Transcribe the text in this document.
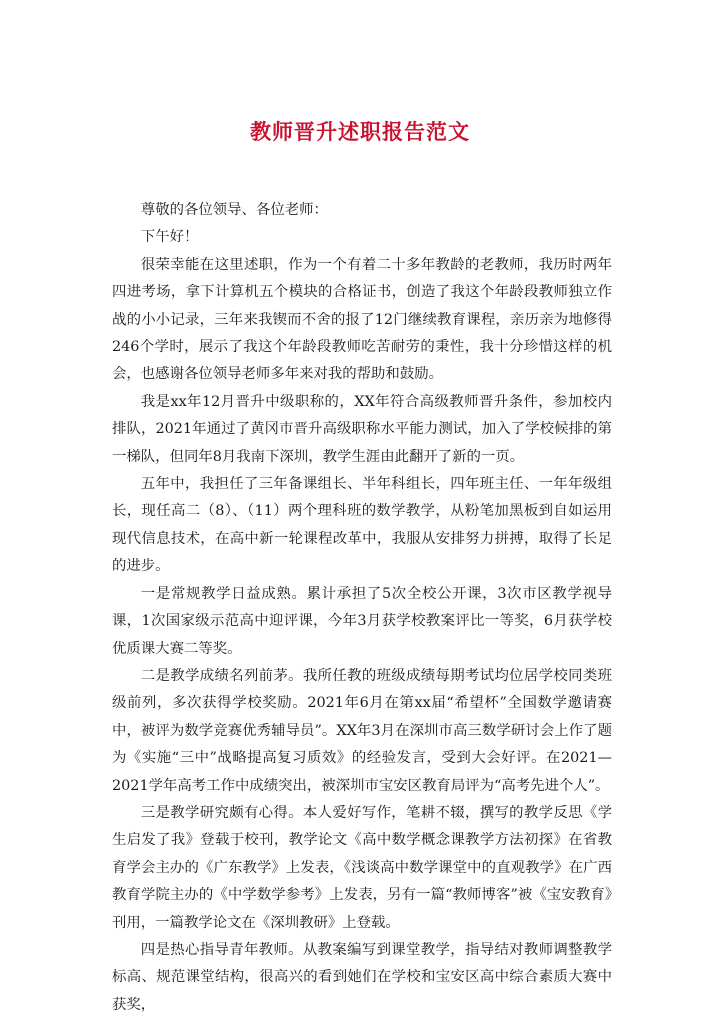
教师晋升述职报告范文

尊敬的各位领导、各位老师：

下午好！

很荣幸能在这里述职，作为一个有着二十多年教龄的老教师，我历时两年四进考场，拿下计算机五个模块的合格证书，创造了我这个年龄段教师独立作战的小小记录，三年来我锲而不舍的报了12门继续教育课程，亲历亲为地修得246个学时，展示了我这个年龄段教师吃苦耐劳的秉性，我十分珍惜这样的机会，也感谢各位领导老师多年来对我的帮助和鼓励。

我是xx年12月晋升中级职称的，XX年符合高级教师晋升条件，参加校内排队，2021年通过了黄冈市晋升高级职称水平能力测试，加入了学校候排的第一梯队，但同年8月我南下深圳，教学生涯由此翻开了新的一页。

五年中，我担任了三年备课组长、半年科组长，四年班主任、一年年级组长，现任高二（8）、（11）两个理科班的数学教学，从粉笔加黑板到自如运用现代信息技术，在高中新一轮课程改革中，我服从安排努力拼搏，取得了长足的进步。

一是常规教学日益成熟。累计承担了5次全校公开课，3次市区教学视导课，1次国家级示范高中迎评课，今年3月获学校教案评比一等奖，6月获学校优质课大赛二等奖。

二是教学成绩名列前茅。我所任教的班级成绩每期考试均位居学校同类班级前列，多次获得学校奖励。2021年6月在第xx届“希望杯”全国数学邀请赛中，被评为数学竞赛优秀辅导员”。XX年3月在深圳市高三数学研讨会上作了题为《实施“三中”战略提高复习质效》的经验发言，受到大会好评。在2021—2021学年高考工作中成绩突出，被深圳市宝安区教育局评为“高考先进个人”。

三是教学研究颇有心得。本人爱好写作，笔耕不辍，撰写的教学反思《学生启发了我》登载于校刊，教学论文《高中数学概念课教学方法初探》在省教育学会主办的《广东教学》上发表，《浅谈高中数学课堂中的直观教学》在广西教育学院主办的《中学数学参考》上发表，另有一篇“教师博客”被《宝安教育》刊用，一篇教学论文在《深圳教研》上登载。

四是热心指导青年教师。从教案编写到课堂教学，指导结对教师调整教学标高、规范课堂结构，很高兴的看到她们在学校和宝安区高中综合素质大赛中获奖，
